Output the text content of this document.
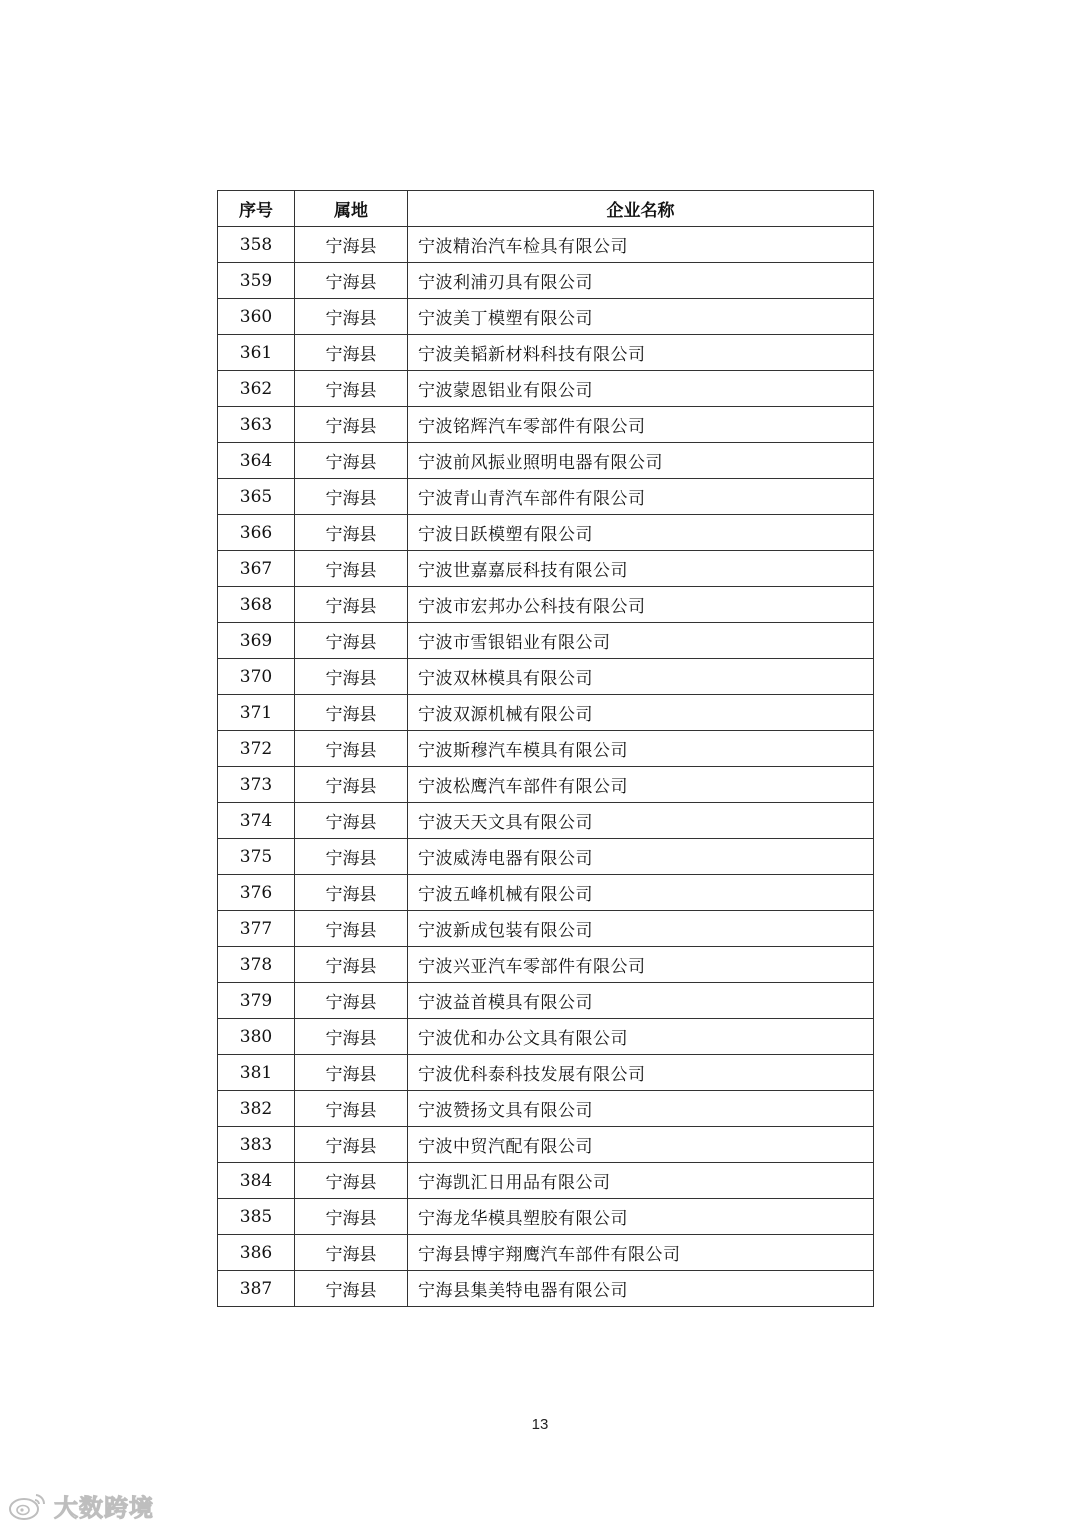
序号	属地	企业名称
358	宁海县	宁波精治汽车检具有限公司
359	宁海县	宁波利浦刃具有限公司
360	宁海县	宁波美丁模塑有限公司
361	宁海县	宁波美韬新材料科技有限公司
362	宁海县	宁波蒙恩铝业有限公司
363	宁海县	宁波铭辉汽车零部件有限公司
364	宁海县	宁波前风振业照明电器有限公司
365	宁海县	宁波青山青汽车部件有限公司
366	宁海县	宁波日跃模塑有限公司
367	宁海县	宁波世嘉嘉辰科技有限公司
368	宁海县	宁波市宏邦办公科技有限公司
369	宁海县	宁波市雪银铝业有限公司
370	宁海县	宁波双林模具有限公司
371	宁海县	宁波双源机械有限公司
372	宁海县	宁波斯穆汽车模具有限公司
373	宁海县	宁波松鹰汽车部件有限公司
374	宁海县	宁波天天文具有限公司
375	宁海县	宁波威涛电器有限公司
376	宁海县	宁波五峰机械有限公司
377	宁海县	宁波新成包装有限公司
378	宁海县	宁波兴亚汽车零部件有限公司
379	宁海县	宁波益首模具有限公司
380	宁海县	宁波优和办公文具有限公司
381	宁海县	宁波优科泰科技发展有限公司
382	宁海县	宁波赞扬文具有限公司
383	宁海县	宁波中贸汽配有限公司
384	宁海县	宁海凯汇日用品有限公司
385	宁海县	宁海龙华模具塑胶有限公司
386	宁海县	宁海县博宇翔鹰汽车部件有限公司
387	宁海县	宁海县集美特电器有限公司
13
大数跨境
